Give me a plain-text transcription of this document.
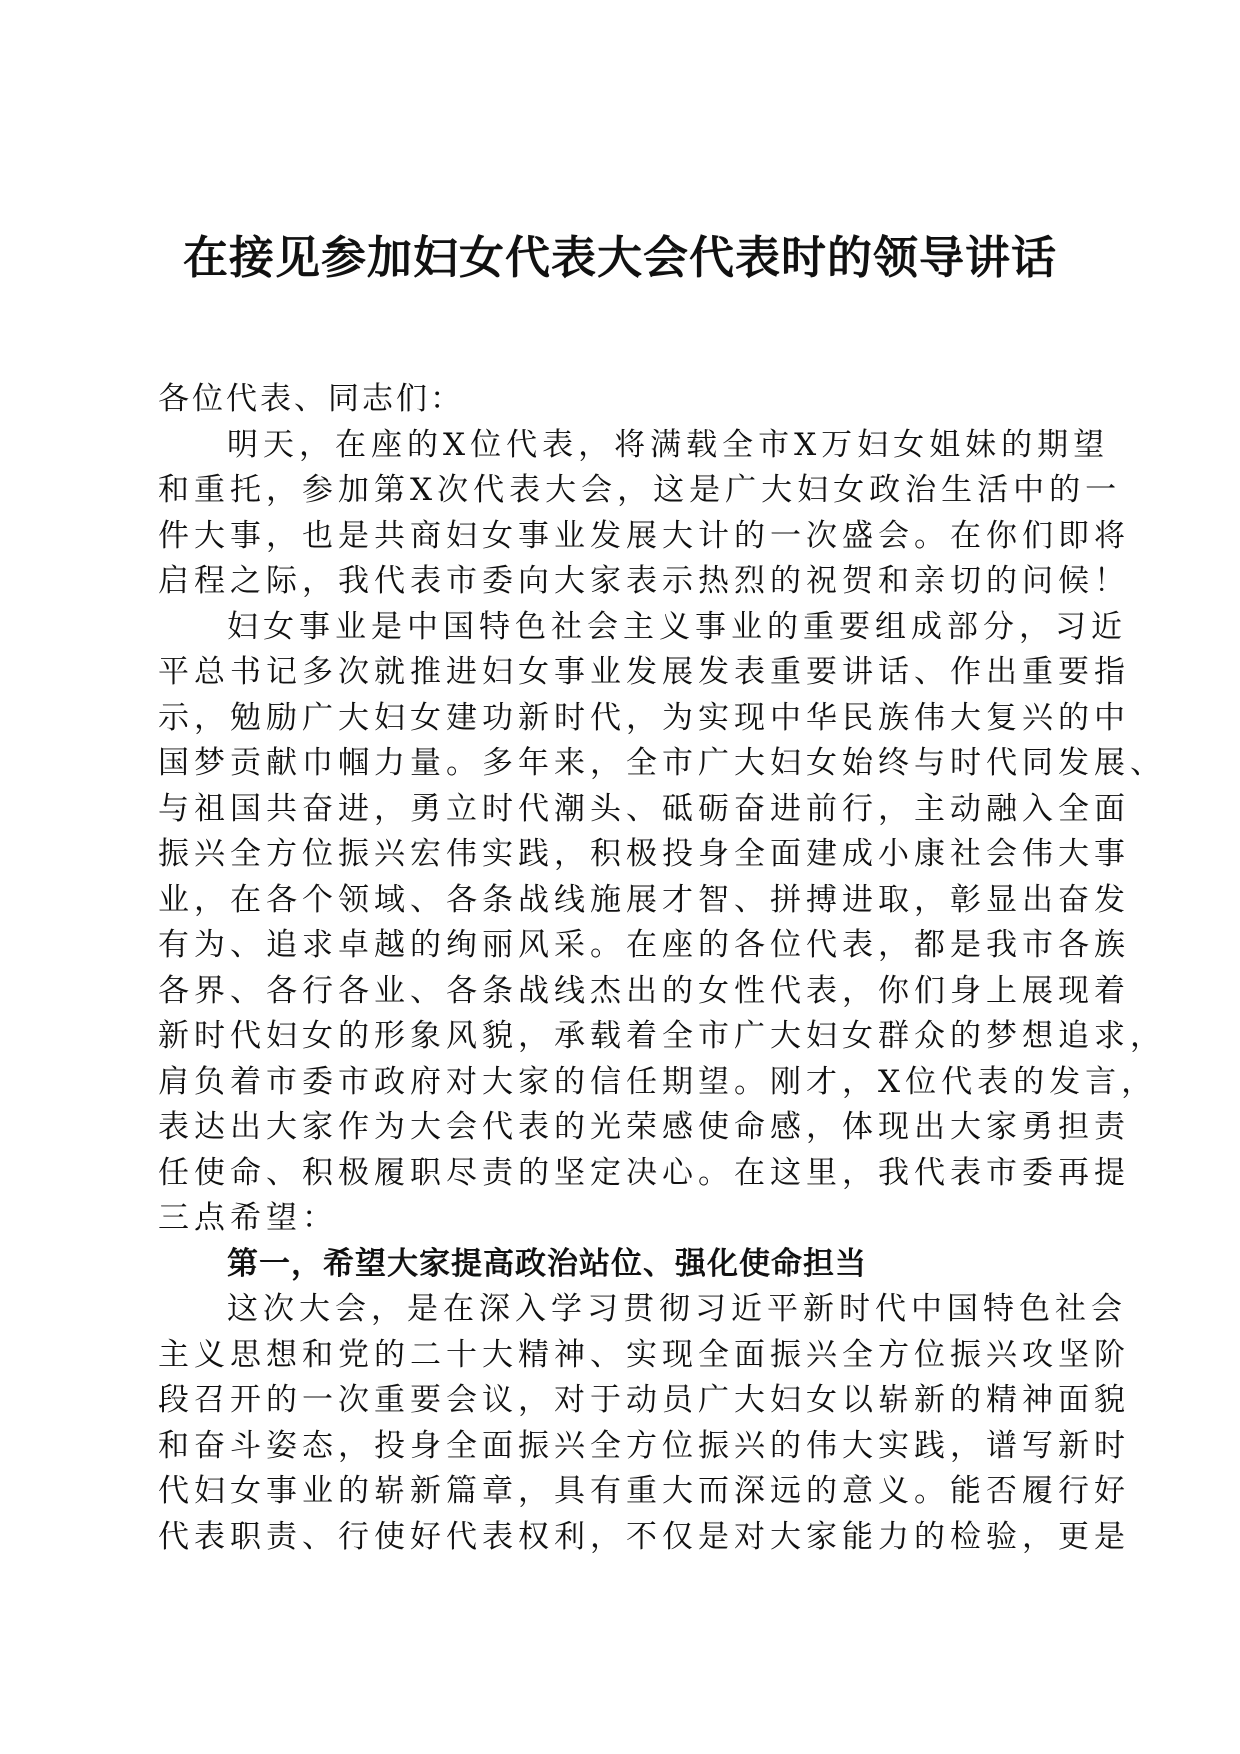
在接见参加妇女代表大会代表时的领导讲话
各位代表、同志们：
明天，在座的X位代表，将满载全市X万妇女姐妹的期望
和重托，参加第X次代表大会，这是广大妇女政治生活中的一
件大事，也是共商妇女事业发展大计的一次盛会。在你们即将
启程之际，我代表市委向大家表示热烈的祝贺和亲切的问候！
妇女事业是中国特色社会主义事业的重要组成部分，习近
平总书记多次就推进妇女事业发展发表重要讲话、作出重要指
示，勉励广大妇女建功新时代，为实现中华民族伟大复兴的中
国梦贡献巾帼力量。多年来，全市广大妇女始终与时代同发展、
与祖国共奋进，勇立时代潮头、砥砺奋进前行，主动融入全面
振兴全方位振兴宏伟实践，积极投身全面建成小康社会伟大事
业，在各个领域、各条战线施展才智、拼搏进取，彰显出奋发
有为、追求卓越的绚丽风采。在座的各位代表，都是我市各族
各界、各行各业、各条战线杰出的女性代表，你们身上展现着
新时代妇女的形象风貌，承载着全市广大妇女群众的梦想追求，
肩负着市委市政府对大家的信任期望。刚才，X位代表的发言，
表达出大家作为大会代表的光荣感使命感，体现出大家勇担责
任使命、积极履职尽责的坚定决心。在这里，我代表市委再提
三点希望：
第一，希望大家提高政治站位、强化使命担当
这次大会，是在深入学习贯彻习近平新时代中国特色社会
主义思想和党的二十大精神、实现全面振兴全方位振兴攻坚阶
段召开的一次重要会议，对于动员广大妇女以崭新的精神面貌
和奋斗姿态，投身全面振兴全方位振兴的伟大实践，谱写新时
代妇女事业的崭新篇章，具有重大而深远的意义。能否履行好
代表职责、行使好代表权利，不仅是对大家能力的检验，更是
